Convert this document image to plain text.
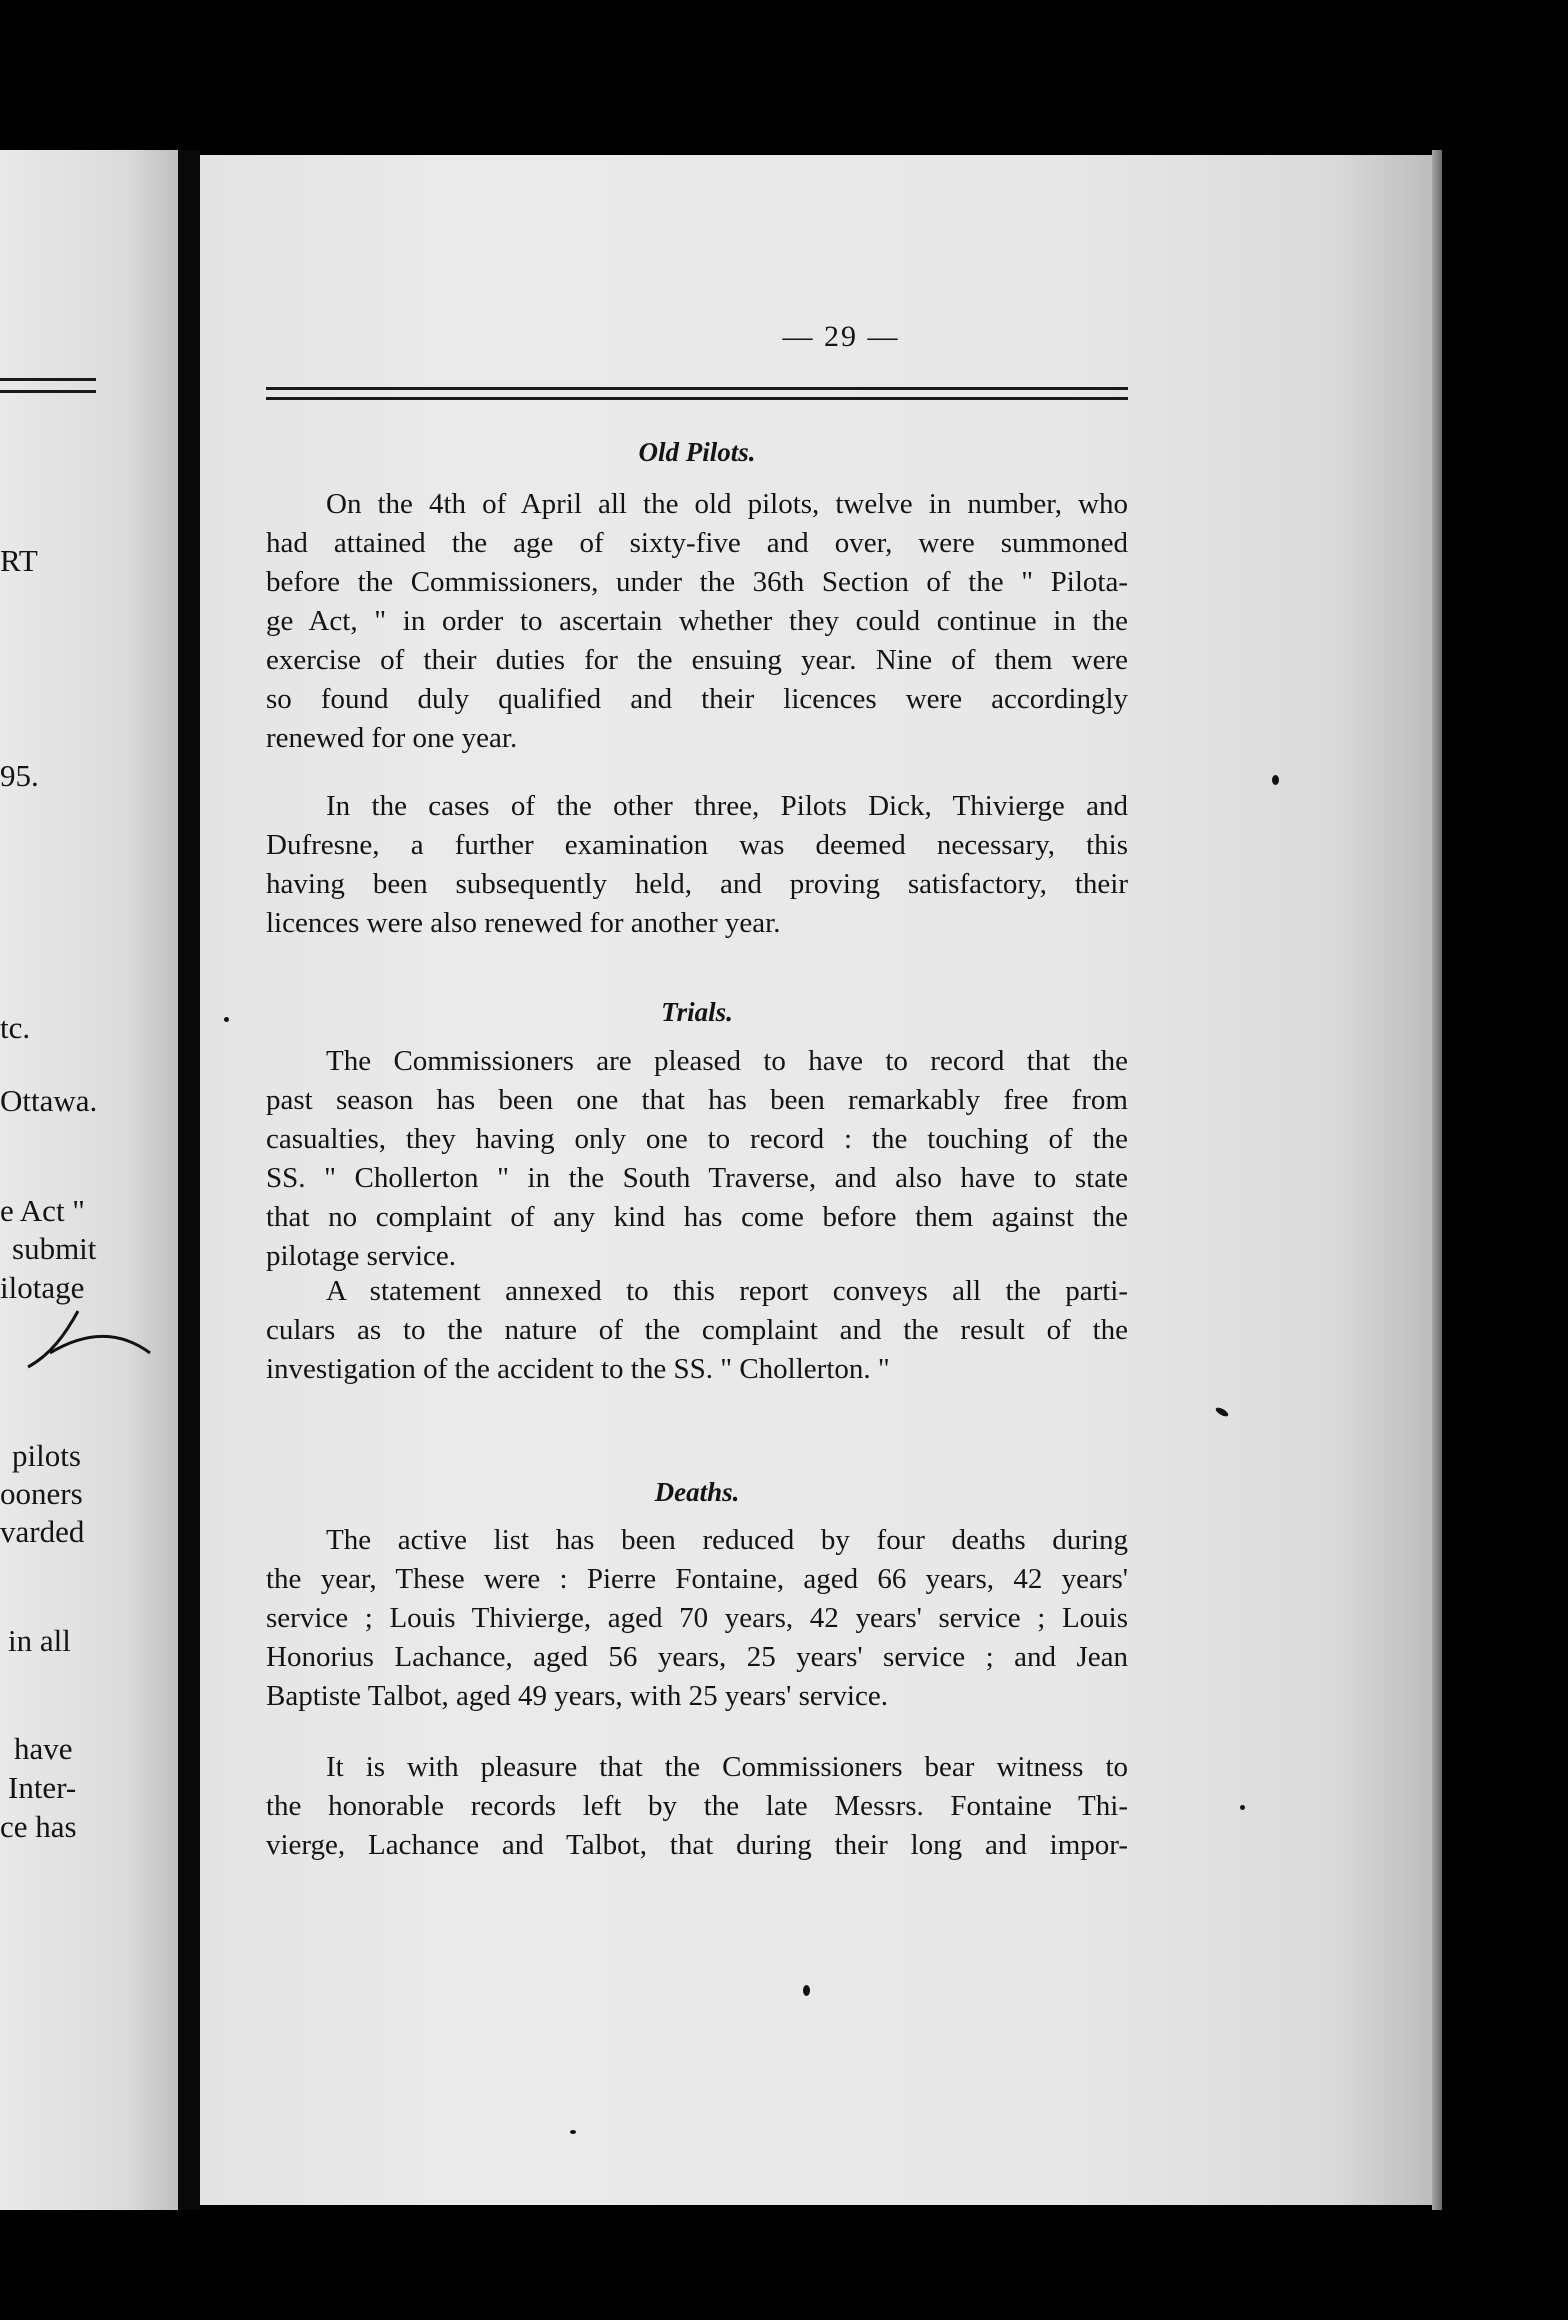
RT
95.
tc.
Ottawa.
e Act "
submit
ilotage
pilots
ooners
varded
in all
have
Inter-
ce has
— 29 —
Old Pilots.
On the 4th of April all the old pilots, twelve in number, who
had attained the age of sixty-five and over, were summoned
before the Commissioners, under the 36th Section of the " Pilota-
ge Act, " in order to ascertain whether they could continue in the
exercise of their duties for the ensuing year. Nine of them were
so found duly qualified and their licences were accordingly
renewed for one year.
In the cases of the other three, Pilots Dick, Thivierge and
Dufresne, a further examination was deemed necessary, this
having been subsequently held, and proving satisfactory, their
licences were also renewed for another year.
Trials.
The Commissioners are pleased to have to record that the
past season has been one that has been remarkably free from
casualties, they having only one to record : the touching of the
SS. " Chollerton " in the South Traverse, and also have to state
that no complaint of any kind has come before them against the
pilotage service.
A statement annexed to this report conveys all the parti-
culars as to the nature of the complaint and the result of the
investigation of the accident to the SS. " Chollerton. "
Deaths.
The active list has been reduced by four deaths during
the year, These were : Pierre Fontaine, aged 66 years, 42 years'
service ; Louis Thivierge, aged 70 years, 42 years' service ; Louis
Honorius Lachance, aged 56 years, 25 years' service ; and Jean
Baptiste Talbot, aged 49 years, with 25 years' service.
It is with pleasure that the Commissioners bear witness to
the honorable records left by the late Messrs. Fontaine Thi-
vierge, Lachance and Talbot, that during their long and impor-
